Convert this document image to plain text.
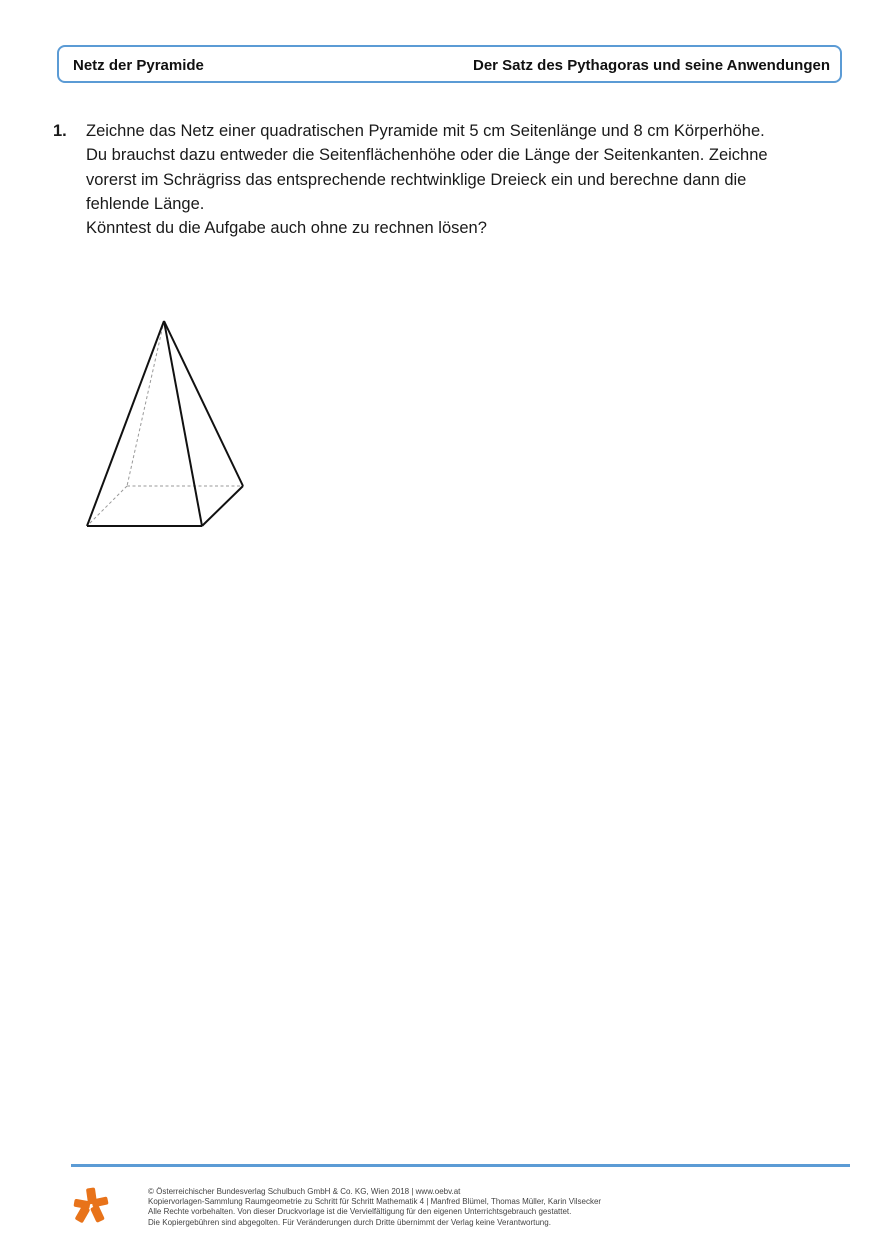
Netz der Pyramide	Der Satz des Pythagoras und seine Anwendungen
1. Zeichne das Netz einer quadratischen Pyramide mit 5 cm Seitenlänge und 8 cm Körperhöhe.
Du brauchst dazu entweder die Seitenflächenhöhe oder die Länge der Seitenkanten. Zeichne
vorerst im Schrägriss das entsprechende rechtwinklige Dreieck ein und berechne dann die
fehlende Länge.
Könntest du die Aufgabe auch ohne zu rechnen lösen?
© Österreichischer Bundesverlag Schulbuch GmbH & Co. KG, Wien 2018 | www.oebv.at
Kopiervorlagen-Sammlung Raumgeometrie zu Schritt für Schritt Mathematik 4 | Manfred Blümel, Thomas Müller, Karin Vilsecker
Alle Rechte vorbehalten. Von dieser Druckvorlage ist die Vervielfältigung für den eigenen Unterrichtsgebrauch gestattet.
Die Kopiergebühren sind abgegolten. Für Veränderungen durch Dritte übernimmt der Verlag keine Verantwortung.
